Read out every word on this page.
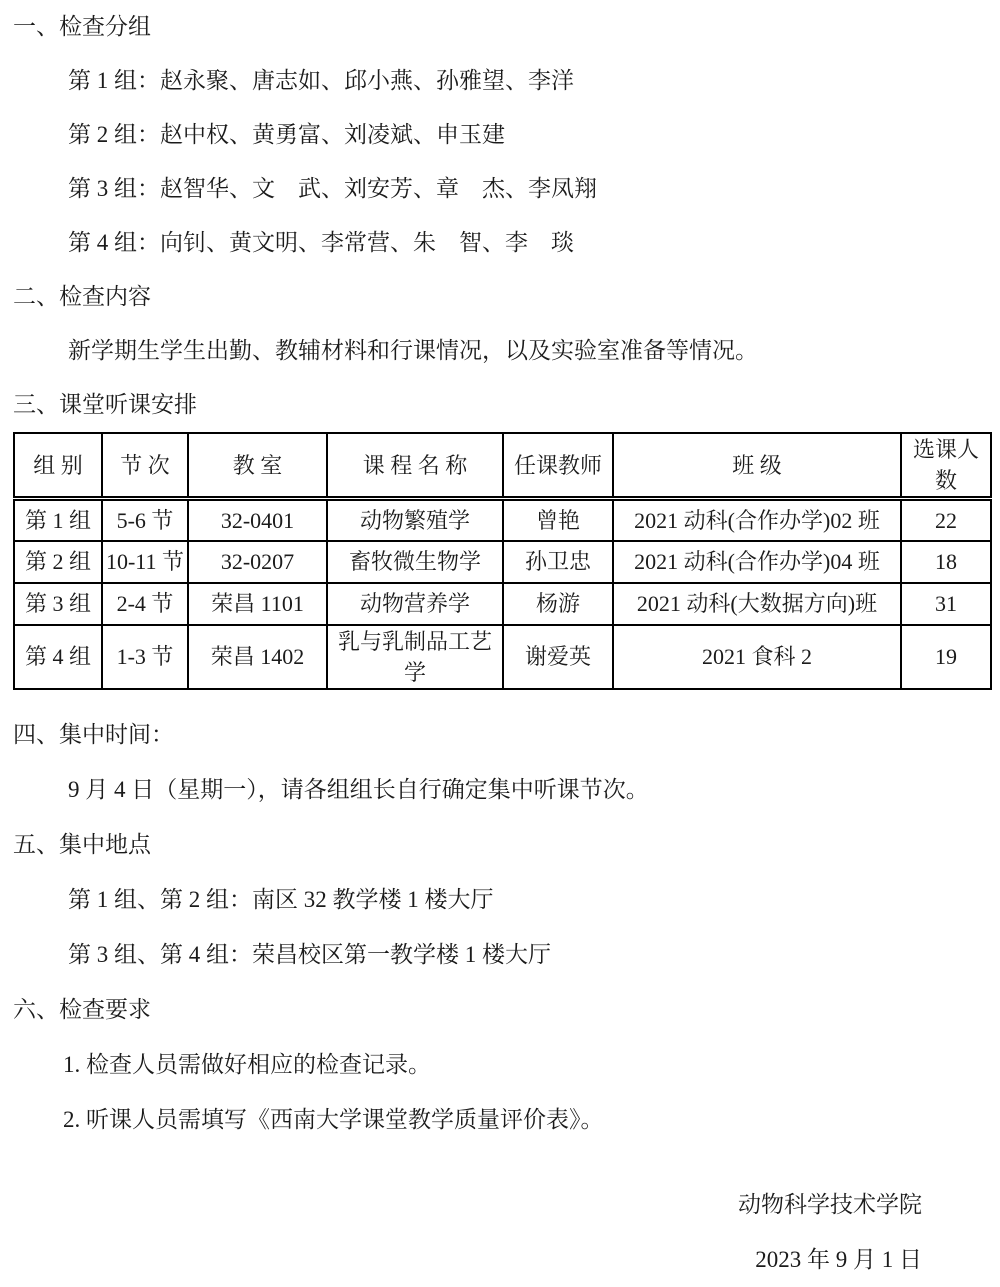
一、检查分组

第 1 组：赵永聚、唐志如、邱小燕、孙雅望、李洋

第 2 组：赵中权、黄勇富、刘凌斌、申玉建

第 3 组：赵智华、文　武、刘安芳、章　杰、李凤翔

第 4 组：向钊、黄文明、李常营、朱　智、李　琰

二、检查内容

新学期生学生出勤、教辅材料和行课情况，以及实验室准备等情况。

三、课堂听课安排

组 别	节 次	教 室	课 程 名 称	任课教师	班 级	选课人数
第 1 组	5-6 节	32-0401	动物繁殖学	曾艳	2021 动科(合作办学)02 班	22
第 2 组	10-11 节	32-0207	畜牧微生物学	孙卫忠	2021 动科(合作办学)04 班	18
第 3 组	2-4 节	荣昌 1101	动物营养学	杨游	2021 动科(大数据方向)班	31
第 4 组	1-3 节	荣昌 1402	乳与乳制品工艺学	谢爱英	2021 食科 2	19

四、集中时间：

9 月 4 日（星期一），请各组组长自行确定集中听课节次。

五、集中地点

第 1 组、第 2 组：南区 32 教学楼 1 楼大厅

第 3 组、第 4 组：荣昌校区第一教学楼 1 楼大厅

六、检查要求

1. 检查人员需做好相应的检查记录。

2. 听课人员需填写《西南大学课堂教学质量评价表》。

动物科学技术学院

2023 年 9 月 1 日
